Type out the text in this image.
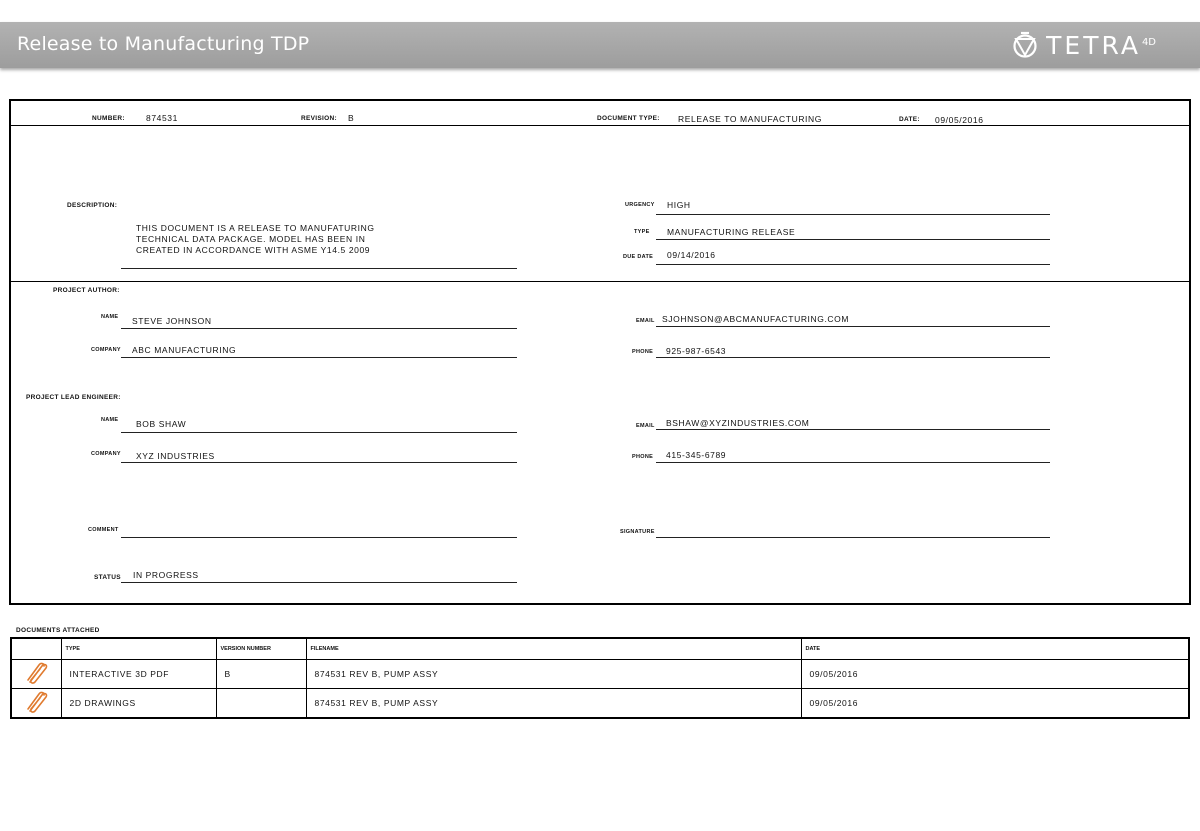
Release to Manufacturing TDP	$TETRA^{4D}$
NUMBER: 874531	REVISION: B	DOCUMENT TYPE: RELEASE TO MANUFACTURING	DATE: 09/05/2016
DESCRIPTION:
THIS DOCUMENT IS A RELEASE TO MANUFATURING
TECHNICAL DATA PACKAGE. MODEL HAS BEEN IN
CREATED IN ACCORDANCE WITH ASME Y14.5 2009
URGENCY HIGH
TYPE MANUFACTURING RELEASE
DUE DATE 09/14/2016
PROJECT AUTHOR:
NAME STEVE JOHNSON
COMPANY ABC MANUFACTURING
EMAIL SJOHNSON@ABCMANUFACTURING.COM
PHONE 925-987-6543
PROJECT LEAD ENGINEER:
NAME BOB SHAW
COMPANY XYZ INDUSTRIES
EMAIL BSHAW@XYZINDUSTRIES.COM
PHONE 415-345-6789
COMMENT	SIGNATURE
STATUS IN PROGRESS
DOCUMENTS ATTACHED
	TYPE	VERSION NUMBER	FILENAME	DATE
	INTERACTIVE 3D PDF	B	874531 REV B, PUMP ASSY	09/05/2016
	2D DRAWINGS		874531 REV B, PUMP ASSY	09/05/2016
